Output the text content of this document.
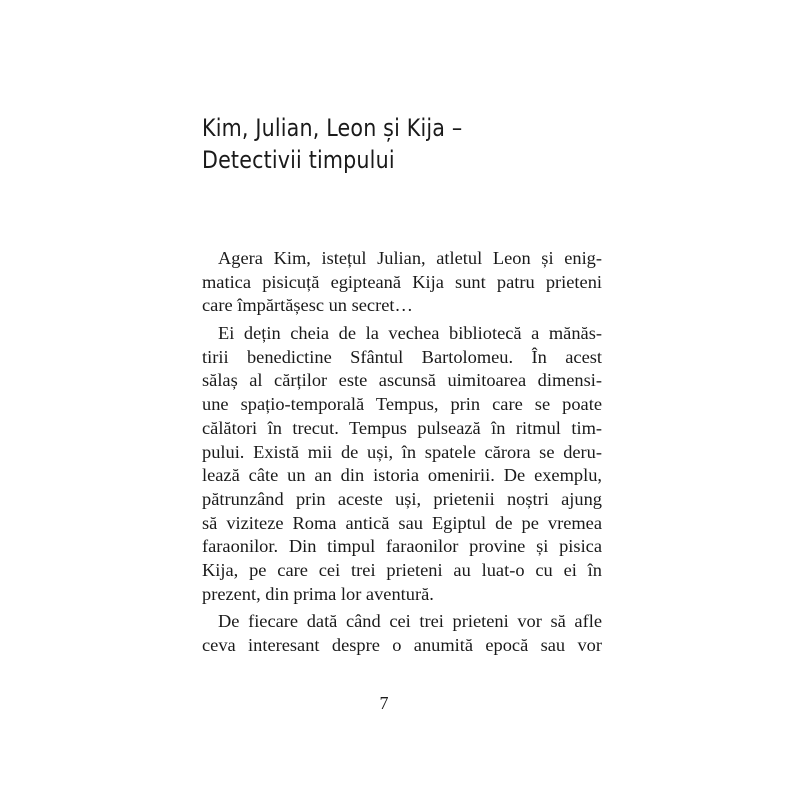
Kim, Julian, Leon și Kija –
Detectivii timpului
Agera Kim, istețul Julian, atletul Leon și enig-
matica pisicuță egipteană Kija sunt patru prieteni
care împărtășesc un secret…
Ei dețin cheia de la vechea bibliotecă a mănăs-
tirii benedictine Sfântul Bartolomeu. În acest
sălaș al cărților este ascunsă uimitoarea dimensi-
une spațio-temporală Tempus, prin care se poate
călători în trecut. Tempus pulsează în ritmul tim-
pului. Există mii de uși, în spatele cărora se deru-
lează câte un an din istoria omenirii. De exemplu,
pătrunzând prin aceste uși, prietenii noștri ajung
să viziteze Roma antică sau Egiptul de pe vremea
faraonilor. Din timpul faraonilor provine și pisica
Kija, pe care cei trei prieteni au luat-o cu ei în
prezent, din prima lor aventură.
De fiecare dată când cei trei prieteni vor să afle
ceva interesant despre o anumită epocă sau vor
7
